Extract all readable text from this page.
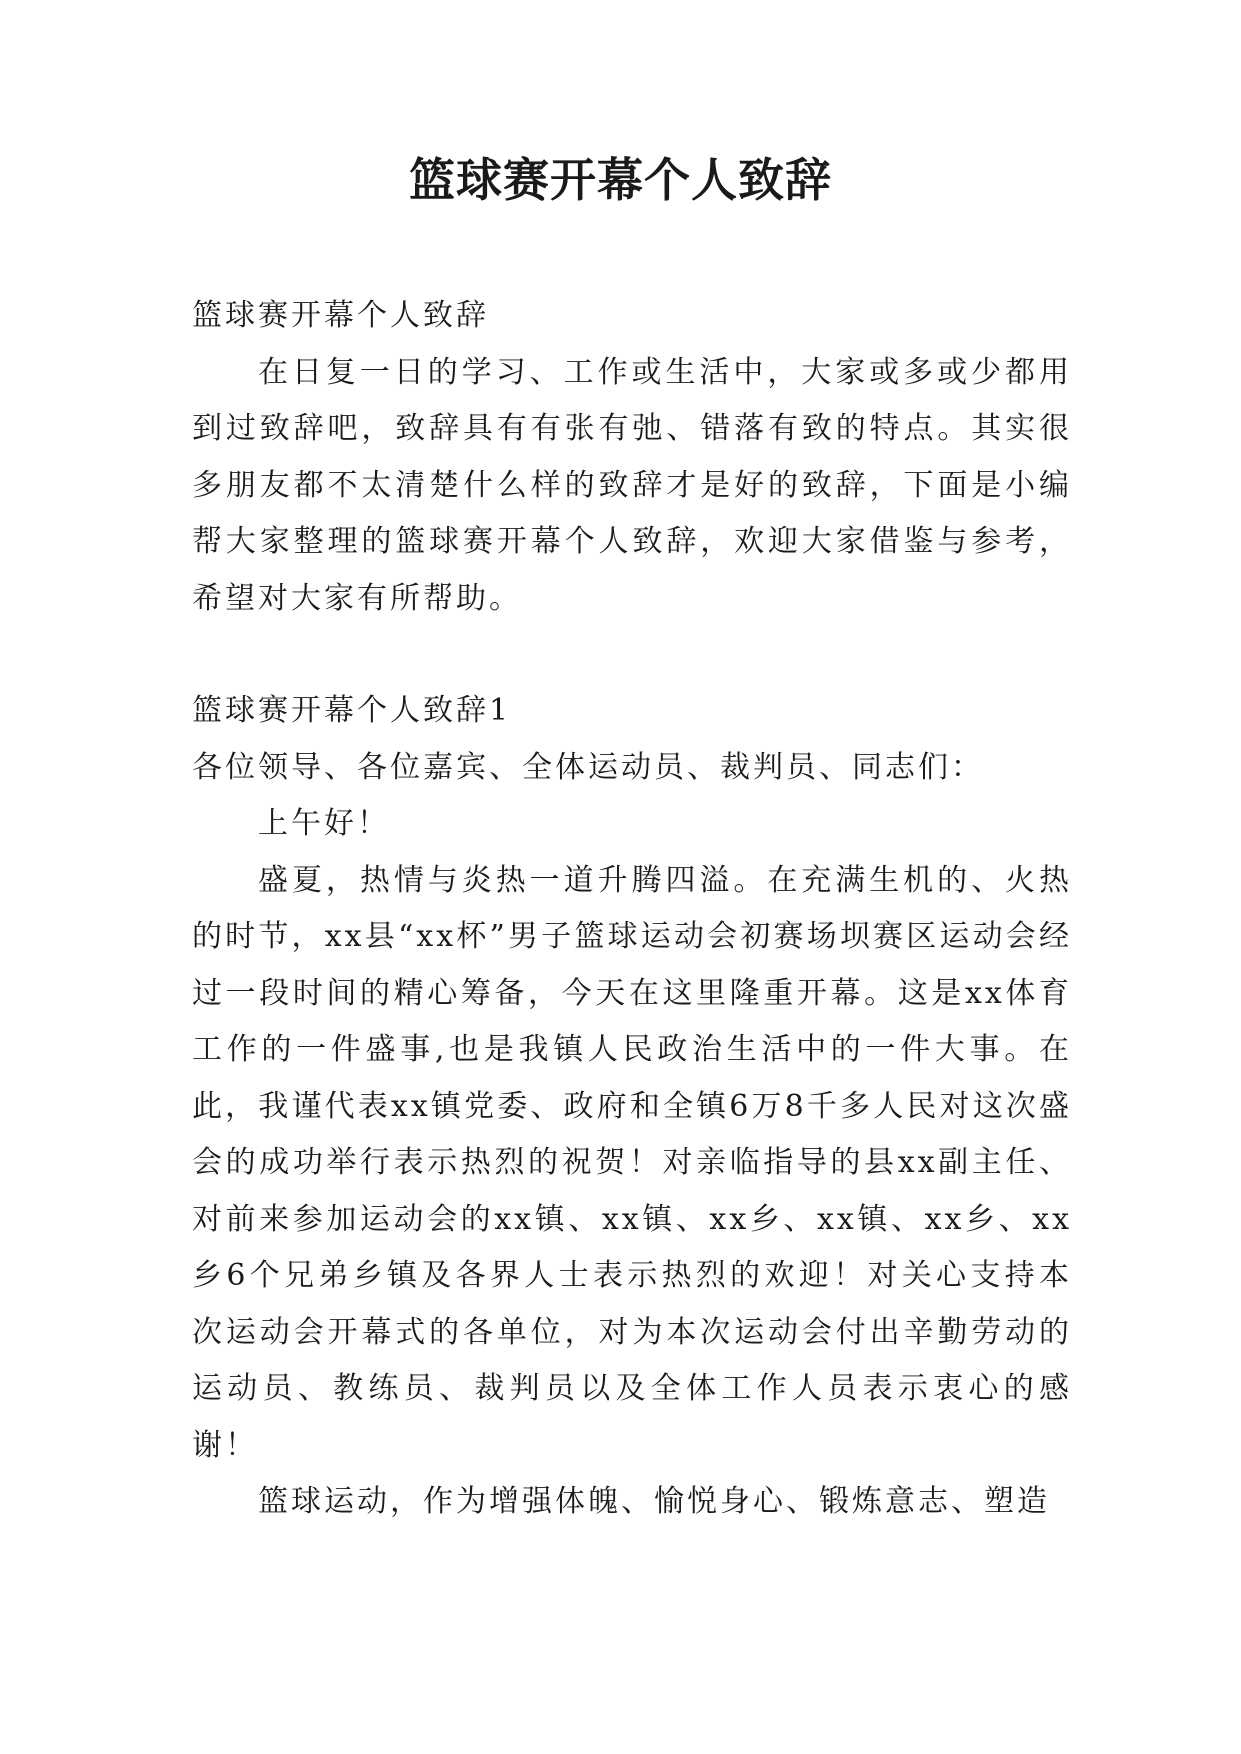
篮球赛开幕个人致辞

篮球赛开幕个人致辞

在日复一日的学习、工作或生活中，大家或多或少都用到过致辞吧，致辞具有有张有弛、错落有致的特点。其实很多朋友都不太清楚什么样的致辞才是好的致辞，下面是小编帮大家整理的篮球赛开幕个人致辞，欢迎大家借鉴与参考，希望对大家有所帮助。

篮球赛开幕个人致辞1

各位领导、各位嘉宾、全体运动员、裁判员、同志们：

上午好！

盛夏，热情与炎热一道升腾四溢。在充满生机的、火热的时节，xx县“xx杯”男子篮球运动会初赛场坝赛区运动会经过一段时间的精心筹备，今天在这里隆重开幕。这是xx体育工作的一件盛事,也是我镇人民政治生活中的一件大事。在此，我谨代表xx镇党委、政府和全镇6万8千多人民对这次盛会的成功举行表示热烈的祝贺！对亲临指导的县xx副主任、对前来参加运动会的xx镇、xx镇、xx乡、xx镇、xx乡、xx乡6个兄弟乡镇及各界人士表示热烈的欢迎！对关心支持本次运动会开幕式的各单位，对为本次运动会付出辛勤劳动的运动员、教练员、裁判员以及全体工作人员表示衷心的感谢！

篮球运动，作为增强体魄、愉悦身心、锻炼意志、塑造
